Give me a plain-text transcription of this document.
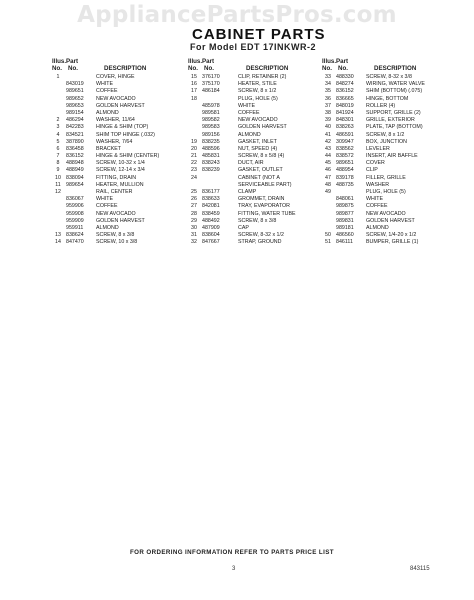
AppliancePartsPros.com
CABINET PARTS
For Model EDT 17INKWR-2
Illus. Part
No. No.	DESCRIPTION
1	COVER, HINGE
843019 WHITE
989651 COFFEE
989652 NEW AVOCADO
989653 GOLDEN HARVEST
989154 ALMOND
2	486294 WASHER, 11/64
3	842283 HINGE & SHIM (TOP)
4	834521 SHIM TOP HINGE (.032)
5	387890 WASHER, 7/64
6	836458 BRACKET
7	836152 HINGE & SHIM (CENTER)
8	488948 SCREW, 10-32 x 1/4
9	488949 SCREW, 12-14 x 3/4
10 838094 FITTING, DRAIN
11 989654 HEATER, MULLION
12	RAIL, CENTER
836067 WHITE
959906 COFFEE
959908 NEW AVOCADO
959909 GOLDEN HARVEST
959911 ALMOND
13 838624 SCREW, 8 x 3/8
14 847470 SCREW, 10 x 3/8
Illus. Part
No. No.	DESCRIPTION
15 376170	CLIP, RETAINER (2)
16 375170	HEATER, STILE
17 486184	SCREW, 8 x 1/2
18	PLUG, HOLE (5)
485978	WHITE
989581	COFFEE
989582	NEW AVOCADO
989583	GOLDEN HARVEST
989156	ALMOND
19 838235	GASKET, INLET
20 488596	NUT, SPEED (4)
21 485831	SCREW, 8 x 5/8 (4)
22 838243	DUCT, AIR
23 838239	GASKET, OUTLET
24	CABINET (NOT A
SERVICEABLE PART)
25 836177	CLAMP
26 838633	GROMMET, DRAIN
27 842081	TRAY, EVAPORATOR
28 838459	FITTING, WATER TUBE
29 488492	SCREW, 8 x 3/8
30 487909	CAP
31 838604	SCREW, 8-32 x 1/2
32 847667	STRAP, GROUND
Illus. Part
No. No.	DESCRIPTION
33 488330 SCREW, 8-32 x 3/8
34 848274 WIRING, WATER VALVE
35 836152 SHIM (BOTTOM) (.075)
36 836665 HINGE, BOTTOM
37 848019 ROLLER (4)
38 841924 SUPPORT, GRILLE (2)
39 848301 GRILLE, EXTERIOR
40 838263 PLATE, TAP (BOTTOM)
41 486591 SCREW, 8 x 1/2
42 309947 BOX, JUNCTION
43 838562 LEVELER
44 838572 INSERT, AIR BAFFLE
45 989651 COVER
46 488954 CLIP
47 839178 FILLER, GRILLE
48 488735 WASHER
49	PLUG, HOLE (5)
848061 WHITE
989875 COFFEE
989877 NEW AVOCADO
989831 GOLDEN HARVEST
989181 ALMOND
50 486560 SCREW, 1/4-20 x 1/2
51 846111 BUMPER, GRILLE (1)
FOR ORDERING INFORMATION REFER TO PARTS PRICE LIST
3	843115
